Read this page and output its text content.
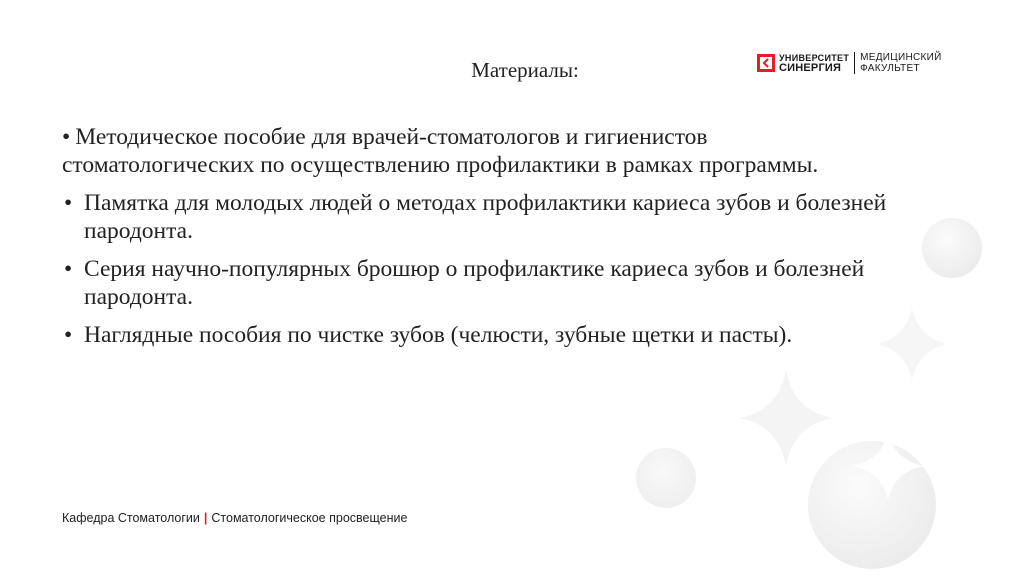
Материалы:	УНИВЕРСИТЕТ
СИНЕРГИЯ
МЕДИЦИНСКИЙ
ФАКУЛЬТЕТ
• Методическое пособие для врачей-стоматологов и гигиенистов стоматологических по осуществлению профилактики в рамках программы.
• Памятка для молодых людей о методах профилактики кариеса зубов и болезней пародонта.
• Серия научно-популярных брошюр о профилактике кариеса зубов и болезней пародонта.
• Наглядные пособия по чистке зубов (челюсти, зубные щетки и пасты).
Кафедра Стоматологии | Стоматологическое просвещение
